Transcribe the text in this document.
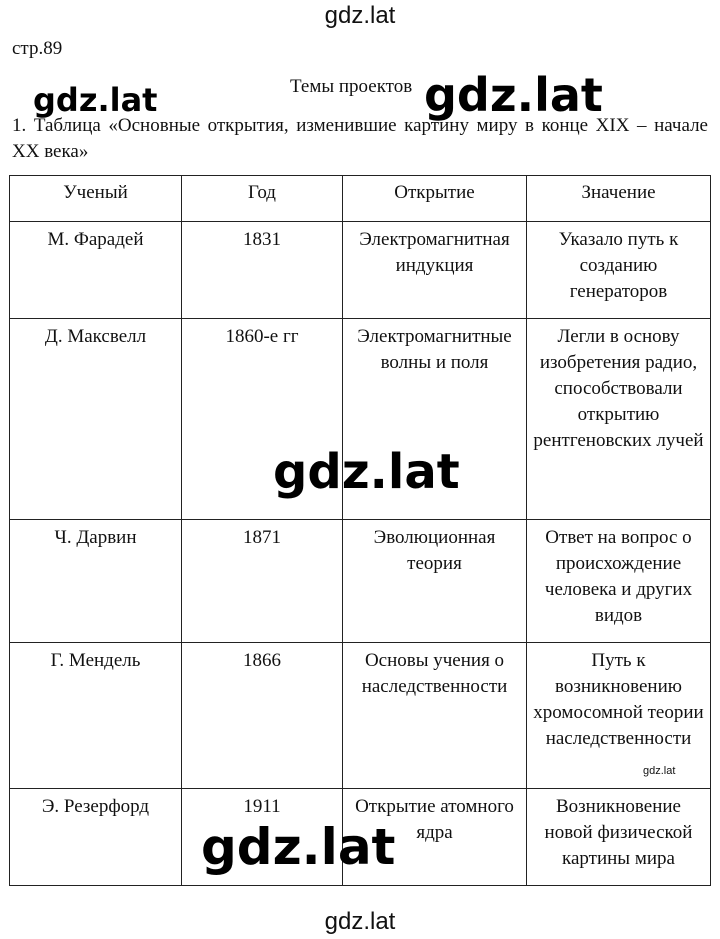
gdz.lat
стр.89
Темы проектов
1. Таблица «Основные открытия, изменившие картину миру в конце XIX – начале XX века»
Ученый	Год	Открытие	Значение
М. Фарадей	1831	Электромагнитная индукция	Указало путь к созданию генераторов
Д. Максвелл	1860-е гг	Электромагнитные волны и поля	Легли в основу изобретения радио, способствовали открытию рентгеновских лучей
Ч. Дарвин	1871	Эволюционная теория	Ответ на вопрос о происхождение человека и других видов
Г. Мендель	1866	Основы учения о наследственности	Путь к возникновению хромосомной теории наследственности
Э. Резерфорд	1911	Открытие атомного ядра	Возникновение новой физической картины мира
gdz.lat	gdz.lat
gdz.lat
gdz.lat
gdz.lat
gdz.lat
